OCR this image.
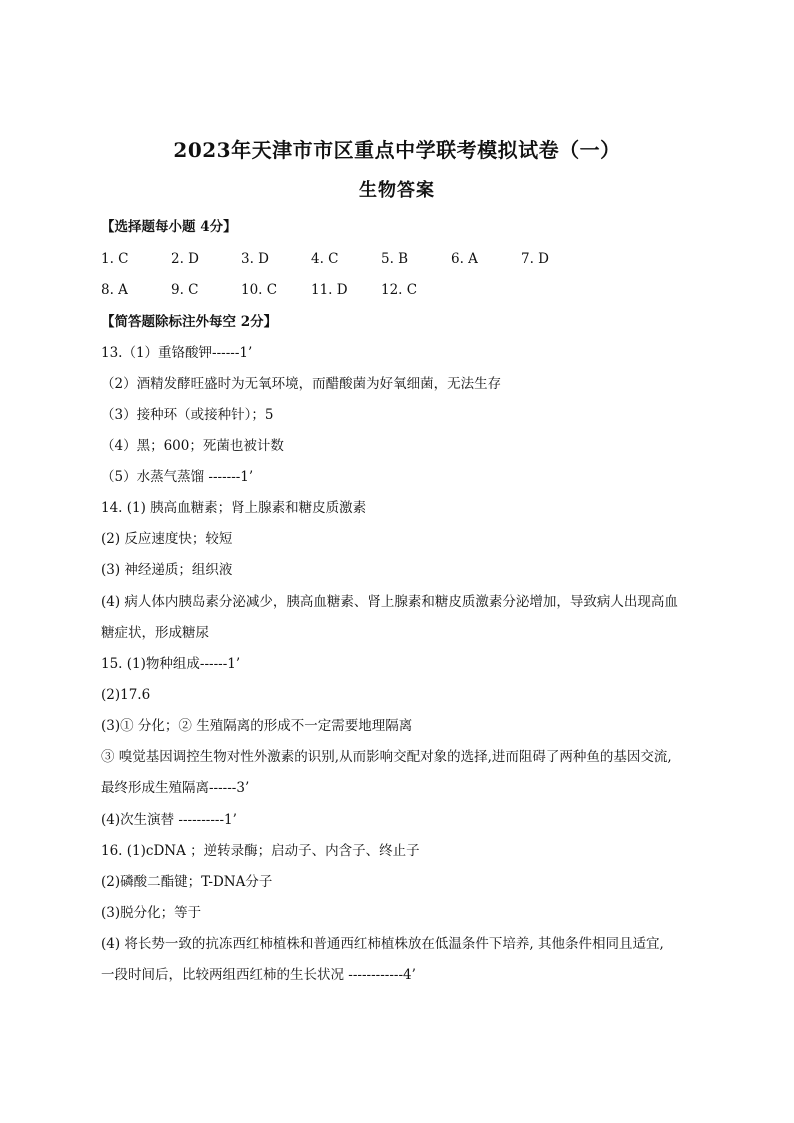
2023年天津市市区重点中学联考模拟试卷（一）
生物答案
【选择题每小题 4分】
1. C	2. D	3. D	4. C	5. B	6. A	7. D
8. A	9. C	10. C	11. D 12. C
【简答题除标注外每空 2分】
13.（1）重铬酸钾------1’
（2）酒精发酵旺盛时为无氧环境，而醋酸菌为好氧细菌，无法生存
（3）接种环（或接种针）；5
（4）黑；600；死菌也被计数
（5）水蒸气蒸馏 -------1’
14. (1) 胰高血糖素；肾上腺素和糖皮质激素
(2) 反应速度快；较短
(3) 神经递质；组织液
(4) 病人体内胰岛素分泌减少，胰高血糖素、肾上腺素和糖皮质激素分泌增加，导致病人出现高血
糖症状，形成糖尿
15. (1)物种组成------1’
(2)17.6
(3)① 分化；② 生殖隔离的形成不一定需要地理隔离
③ 嗅觉基因调控生物对性外激素的识别,从而影响交配对象的选择,进而阻碍了两种鱼的基因交流,
最终形成生殖隔离------3’
(4)次生演替 ----------1’
16. (1)cDNA ；逆转录酶；启动子、内含子、终止子
(2)磷酸二酯键；T-DNA分子
(3)脱分化；等于
(4) 将长势一致的抗冻西红柿植株和普通西红柿植株放在低温条件下培养, 其他条件相同且适宜,
一段时间后，比较两组西红柿的生长状况 ------------4’
